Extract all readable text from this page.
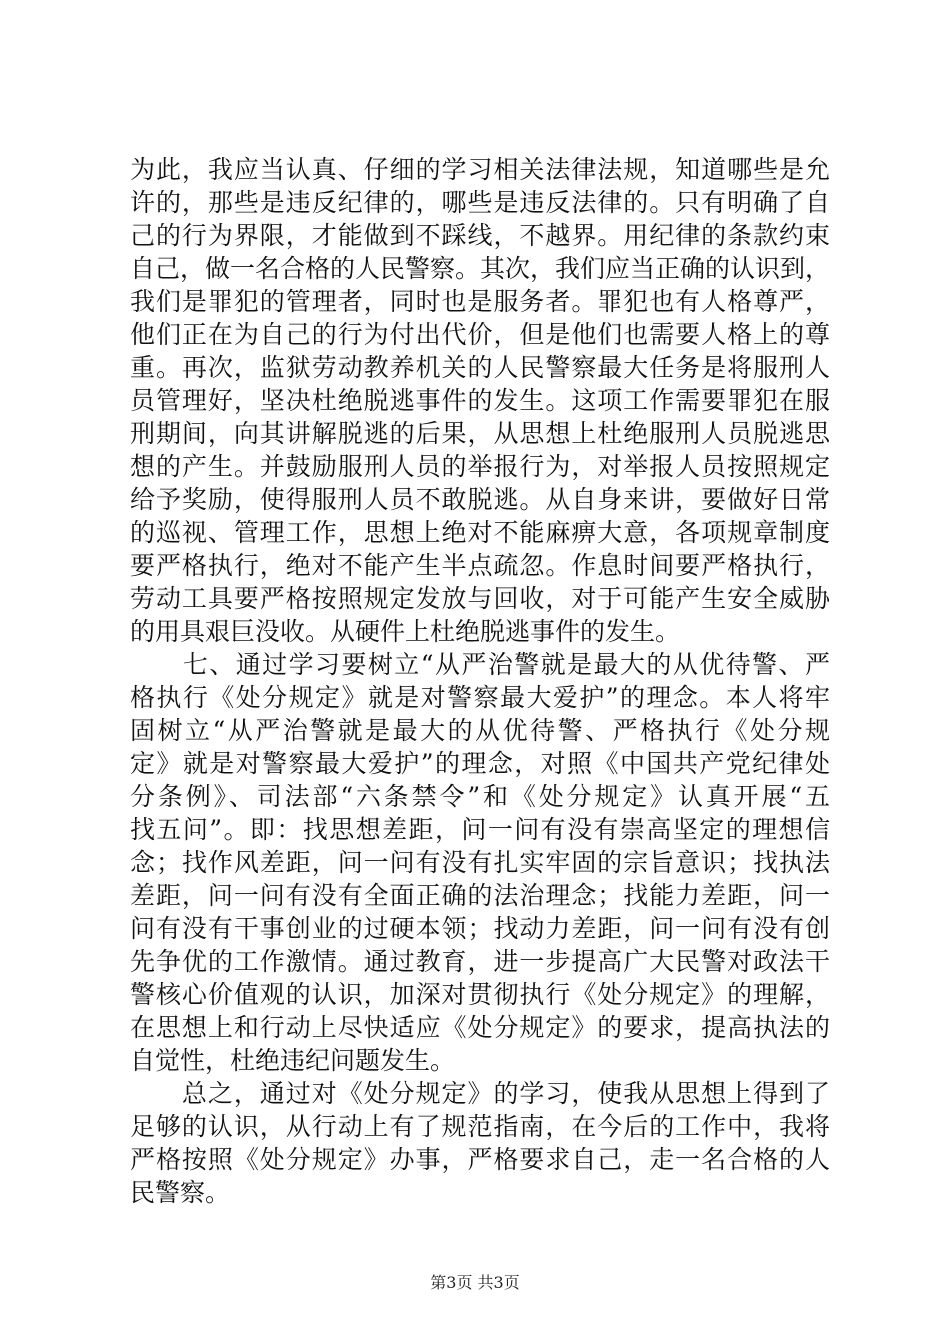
为此，我应当认真、仔细的学习相关法律法规，知道哪些是允
许的，那些是违反纪律的，哪些是违反法律的。只有明确了自
己的行为界限，才能做到不踩线，不越界。用纪律的条款约束
自己，做一名合格的人民警察。其次，我们应当正确的认识到，
我们是罪犯的管理者，同时也是服务者。罪犯也有人格尊严，
他们正在为自己的行为付出代价，但是他们也需要人格上的尊
重。再次，监狱劳动教养机关的人民警察最大任务是将服刑人
员管理好，坚决杜绝脱逃事件的发生。这项工作需要罪犯在服
刑期间，向其讲解脱逃的后果，从思想上杜绝服刑人员脱逃思
想的产生。并鼓励服刑人员的举报行为，对举报人员按照规定
给予奖励，使得服刑人员不敢脱逃。从自身来讲，要做好日常
的巡视、管理工作，思想上绝对不能麻痹大意，各项规章制度
要严格执行，绝对不能产生半点疏忽。作息时间要严格执行，
劳动工具要严格按照规定发放与回收，对于可能产生安全威胁
的用具艰巨没收。从硬件上杜绝脱逃事件的发生。
　　七、通过学习要树立“从严治警就是最大的从优待警、严
格执行《处分规定》就是对警察最大爱护”的理念。本人将牢
固树立“从严治警就是最大的从优待警、严格执行《处分规
定》就是对警察最大爱护”的理念，对照《中国共产党纪律处
分条例》、司法部“六条禁令”和《处分规定》认真开展“五
找五问”。即：找思想差距，问一问有没有崇高坚定的理想信
念；找作风差距，问一问有没有扎实牢固的宗旨意识；找执法
差距，问一问有没有全面正确的法治理念；找能力差距，问一
问有没有干事创业的过硬本领；找动力差距，问一问有没有创
先争优的工作激情。通过教育，进一步提高广大民警对政法干
警核心价值观的认识，加深对贯彻执行《处分规定》的理解，
在思想上和行动上尽快适应《处分规定》的要求，提高执法的
自觉性，杜绝违纪问题发生。
　　总之，通过对《处分规定》的学习，使我从思想上得到了
足够的认识，从行动上有了规范指南，在今后的工作中，我将
严格按照《处分规定》办事，严格要求自己，走一名合格的人
民警察。
第3页 共3页
